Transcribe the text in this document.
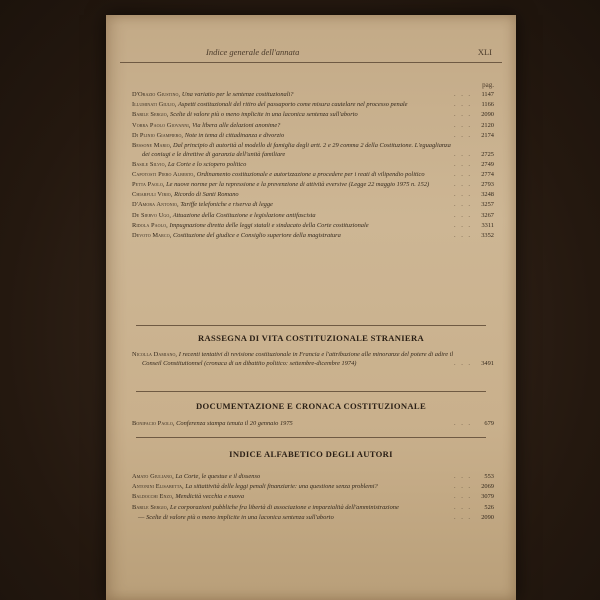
Indice generale dell'annata	XLI
pag.
D'Orazio Giustino, Una variatio per le sentenze costituzionali?	. . .	1147
Illuminati Giulio, Aspetti costituzionali del ritiro del passaporto come misura cautelare nel processo penale	. . .	1166
Barile Sergio, Scelte di valore più o meno implicite in una laconica sentenza sull'aborto	. . .	2090
Vorra Paolo Giovanni, Via libera alle delazioni anonime?	. . .	2120
Di Plinio Giampiero, Note in tema di cittadinanza e divorzio	. . .	2174
Bessone Mario, Dal principio di autorità al modello di famiglia degli artt. 2 e 29 comma 2 della Costituzione. L'eguaglianza dei coniugi e le direttive di garanzia dell'unità familiare	. . .	2725
Basile Silvio, La Corte e lo sciopero politico	. . .	2749
Capotosti Piero Alberto, Ordinamento costituzionale e autorizzazione a procedere per i reati di vilipendio politico	. . .	2774
Petta Paolo, Le nuove norme per la repressione e la prevenzione di attività eversive (Legge 22 maggio 1975 n. 152)	. . .	2793
Chiarfuli Virio, Ricordo di Santi Romano	. . .	3248
D'Amora Antonio, Tariffe telefoniche e riserva di legge	. . .	3257
De Siervo Ugo, Attuazione della Costituzione e legislazione antifascista	. . .	3267
Ridola Paolo, Impugnazione diretta delle leggi statali e sindacato della Corte costituzionale	. . .	3311
Devoto Marco, Costituzione del giudice e Consiglio superiore della magistratura	. . .	3352
RASSEGNA DI VITA COSTITUZIONALE STRANIERA
Nicolla Damiano, I recenti tentativi di revisione costituzionale in Francia e l'attribuzione alle minoranze del potere di adire il Conseil Constitutionnel (cronaca di un dibattito politico: settembre-dicembre 1974)	. . .	3491
DOCUMENTAZIONE E CRONACA COSTITUZIONALE
Bonifacio Paolo, Conferenza stampa tenuta il 20 gennaio 1975	. . .	679
INDICE ALFABETICO DEGLI AUTORI
Amato Giuliano, La Corte, le questue e il dissenso	. . .	553
Antonini Elisabetta, La sittattività delle leggi penali finanziarie: una questione senza problemi?	. . .	2069
Baldocchi Enzo, Mendicità vecchia e nuova	. . .	3079
Barile Sergio, Le corporazioni pubbliche fra libertà di associazione e imparzialità dell'amministrazione	. . .	526
— Scelte di valore più o meno implicite in una laconica sentenza sull'aborto	. . .	2090
